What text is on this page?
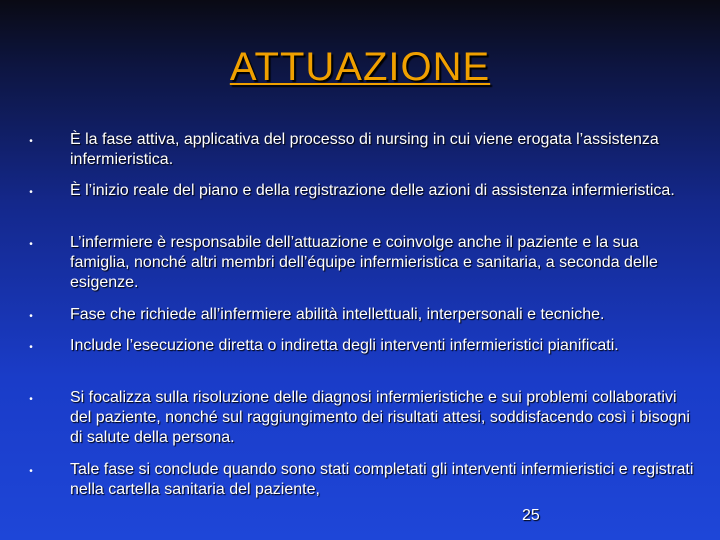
ATTUAZIONE
• È la fase attiva, applicativa del processo di nursing in cui viene erogata l’assistenza infermieristica.
• È l’inizio reale del piano e della registrazione delle azioni di assistenza infermieristica.
• L’infermiere è responsabile dell’attuazione e coinvolge anche il paziente e la sua famiglia, nonché altri membri dell’équipe infermieristica e sanitaria, a seconda delle esigenze.
• Fase che richiede all’infermiere abilità intellettuali, interpersonali e tecniche.
• Include l’esecuzione diretta o indiretta degli interventi infermieristici pianificati.
• Si focalizza sulla risoluzione delle diagnosi infermieristiche e sui problemi collaborativi del paziente, nonché sul raggiungimento dei risultati attesi, soddisfacendo così i bisogni di salute della persona.
• Tale fase si conclude quando sono stati completati gli interventi infermieristici e registrati nella cartella sanitaria del paziente,
25
